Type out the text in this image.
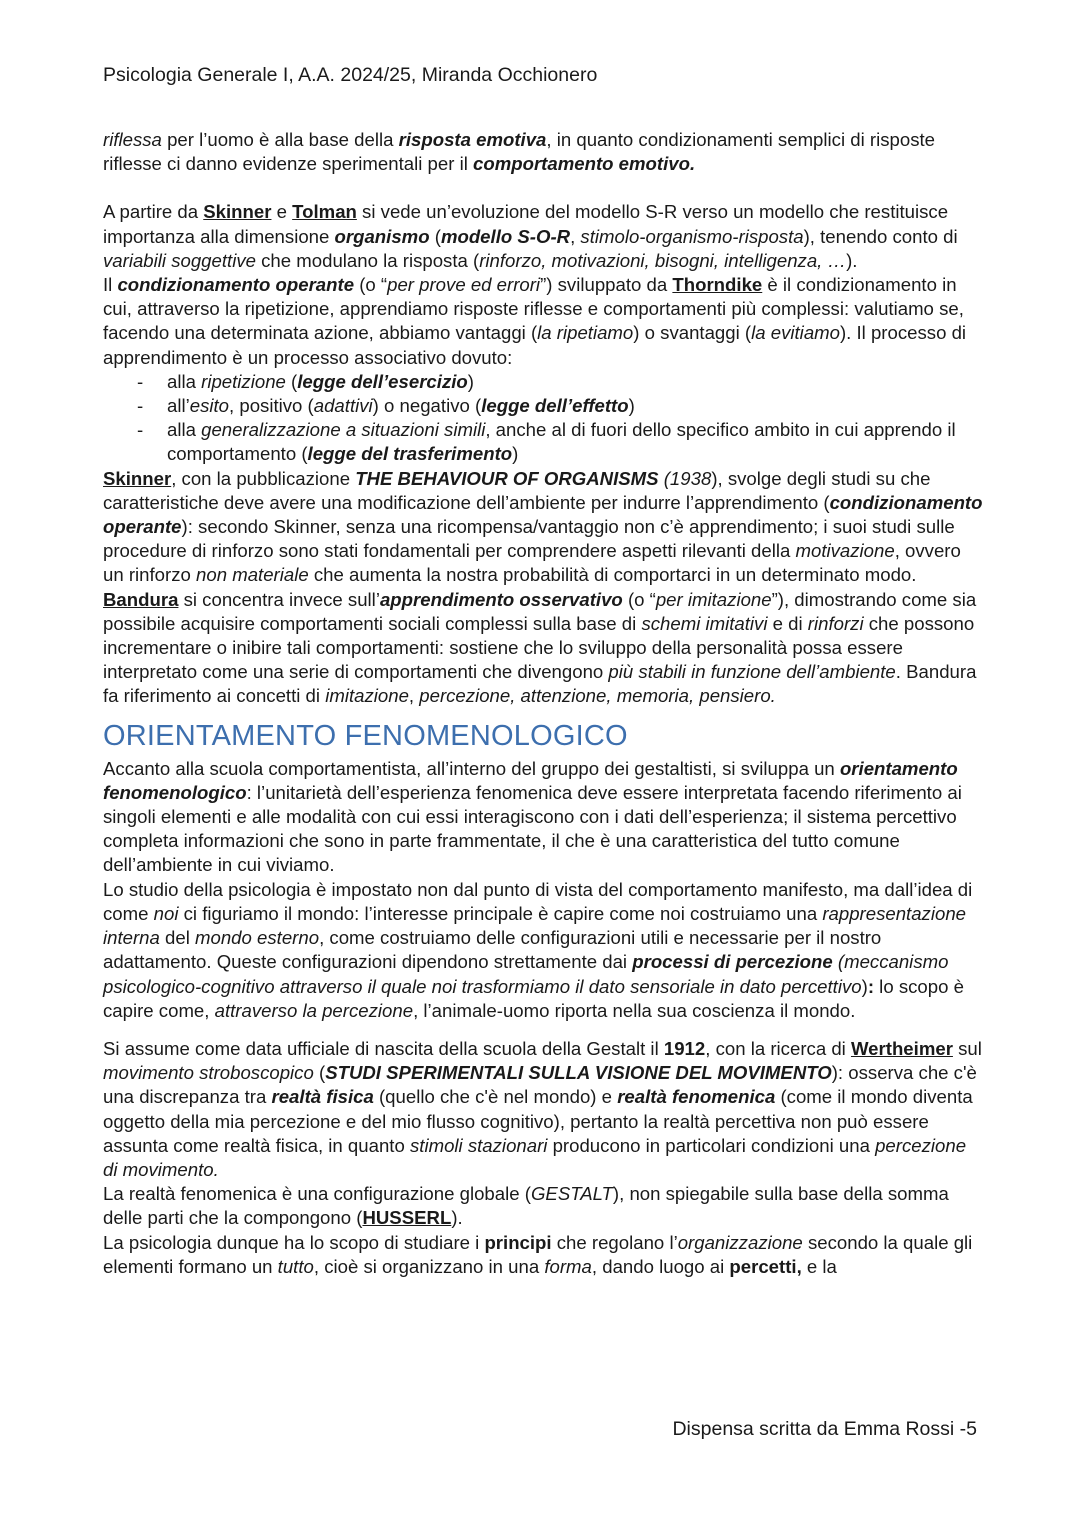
Psicologia Generale I, A.A. 2024/25, Miranda Occhionero

riflessa per l’uomo è alla base della risposta emotiva, in quanto condizionamenti semplici di risposte riflesse ci danno evidenze sperimentali per il comportamento emotivo.

A partire da Skinner e Tolman si vede un’evoluzione del modello S-R verso un modello che restituisce importanza alla dimensione organismo (modello S-O-R, stimolo-organismo-risposta), tenendo conto di variabili soggettive che modulano la risposta (rinforzo, motivazioni, bisogni, intelligenza, …).

Il condizionamento operante (o “per prove ed errori”) sviluppato da Thorndike è il condizionamento in cui, attraverso la ripetizione, apprendiamo risposte riflesse e comportamenti più complessi: valutiamo se, facendo una determinata azione, abbiamo vantaggi (la ripetiamo) o svantaggi (la evitiamo). Il processo di apprendimento è un processo associativo dovuto:

- alla ripetizione (legge dell’esercizio)
- all’esito, positivo (adattivi) o negativo (legge dell’effetto)
- alla generalizzazione a situazioni simili, anche al di fuori dello specifico ambito in cui apprendo il comportamento (legge del trasferimento)

Skinner, con la pubblicazione THE BEHAVIOUR OF ORGANISMS (1938), svolge degli studi su che caratteristiche deve avere una modificazione dell’ambiente per indurre l’apprendimento (condizionamento operante): secondo Skinner, senza una ricompensa/vantaggio non c’è apprendimento; i suoi studi sulle procedure di rinforzo sono stati fondamentali per comprendere aspetti rilevanti della motivazione, ovvero un rinforzo non materiale che aumenta la nostra probabilità di comportarci in un determinato modo.

Bandura si concentra invece sull’apprendimento osservativo (o “per imitazione”), dimostrando come sia possibile acquisire comportamenti sociali complessi sulla base di schemi imitativi e di rinforzi che possono incrementare o inibire tali comportamenti: sostiene che lo sviluppo della personalità possa essere interpretato come una serie di comportamenti che divengono più stabili in funzione dell’ambiente. Bandura fa riferimento ai concetti di imitazione, percezione, attenzione, memoria, pensiero.

ORIENTAMENTO FENOMENOLOGICO

Accanto alla scuola comportamentista, all’interno del gruppo dei gestaltisti, si sviluppa un orientamento fenomenologico: l’unitarietà dell’esperienza fenomenica deve essere interpretata facendo riferimento ai singoli elementi e alle modalità con cui essi interagiscono con i dati dell’esperienza; il sistema percettivo completa informazioni che sono in parte frammentate, il che è una caratteristica del tutto comune dell’ambiente in cui viviamo.

Lo studio della psicologia è impostato non dal punto di vista del comportamento manifesto, ma dall’idea di come noi ci figuriamo il mondo: l’interesse principale è capire come noi costruiamo una rappresentazione interna del mondo esterno, come costruiamo delle configurazioni utili e necessarie per il nostro adattamento. Queste configurazioni dipendono strettamente dai processi di percezione (meccanismo psicologico-cognitivo attraverso il quale noi trasformiamo il dato sensoriale in dato percettivo): lo scopo è capire come, attraverso la percezione, l’animale-uomo riporta nella sua coscienza il mondo.

Si assume come data ufficiale di nascita della scuola della Gestalt il 1912, con la ricerca di Wertheimer sul movimento stroboscopico (STUDI SPERIMENTALI SULLA VISIONE DEL MOVIMENTO): osserva che c'è una discrepanza tra realtà fisica (quello che c'è nel mondo) e realtà fenomenica (come il mondo diventa oggetto della mia percezione e del mio flusso cognitivo), pertanto la realtà percettiva non può essere assunta come realtà fisica, in quanto stimoli stazionari producono in particolari condizioni una percezione di movimento.

La realtà fenomenica è una configurazione globale (GESTALT), non spiegabile sulla base della somma delle parti che la compongono (HUSSERL).

La psicologia dunque ha lo scopo di studiare i principi che regolano l’organizzazione secondo la quale gli elementi formano un tutto, cioè si organizzano in una forma, dando luogo ai percetti, e la

Dispensa scritta da Emma Rossi -5
